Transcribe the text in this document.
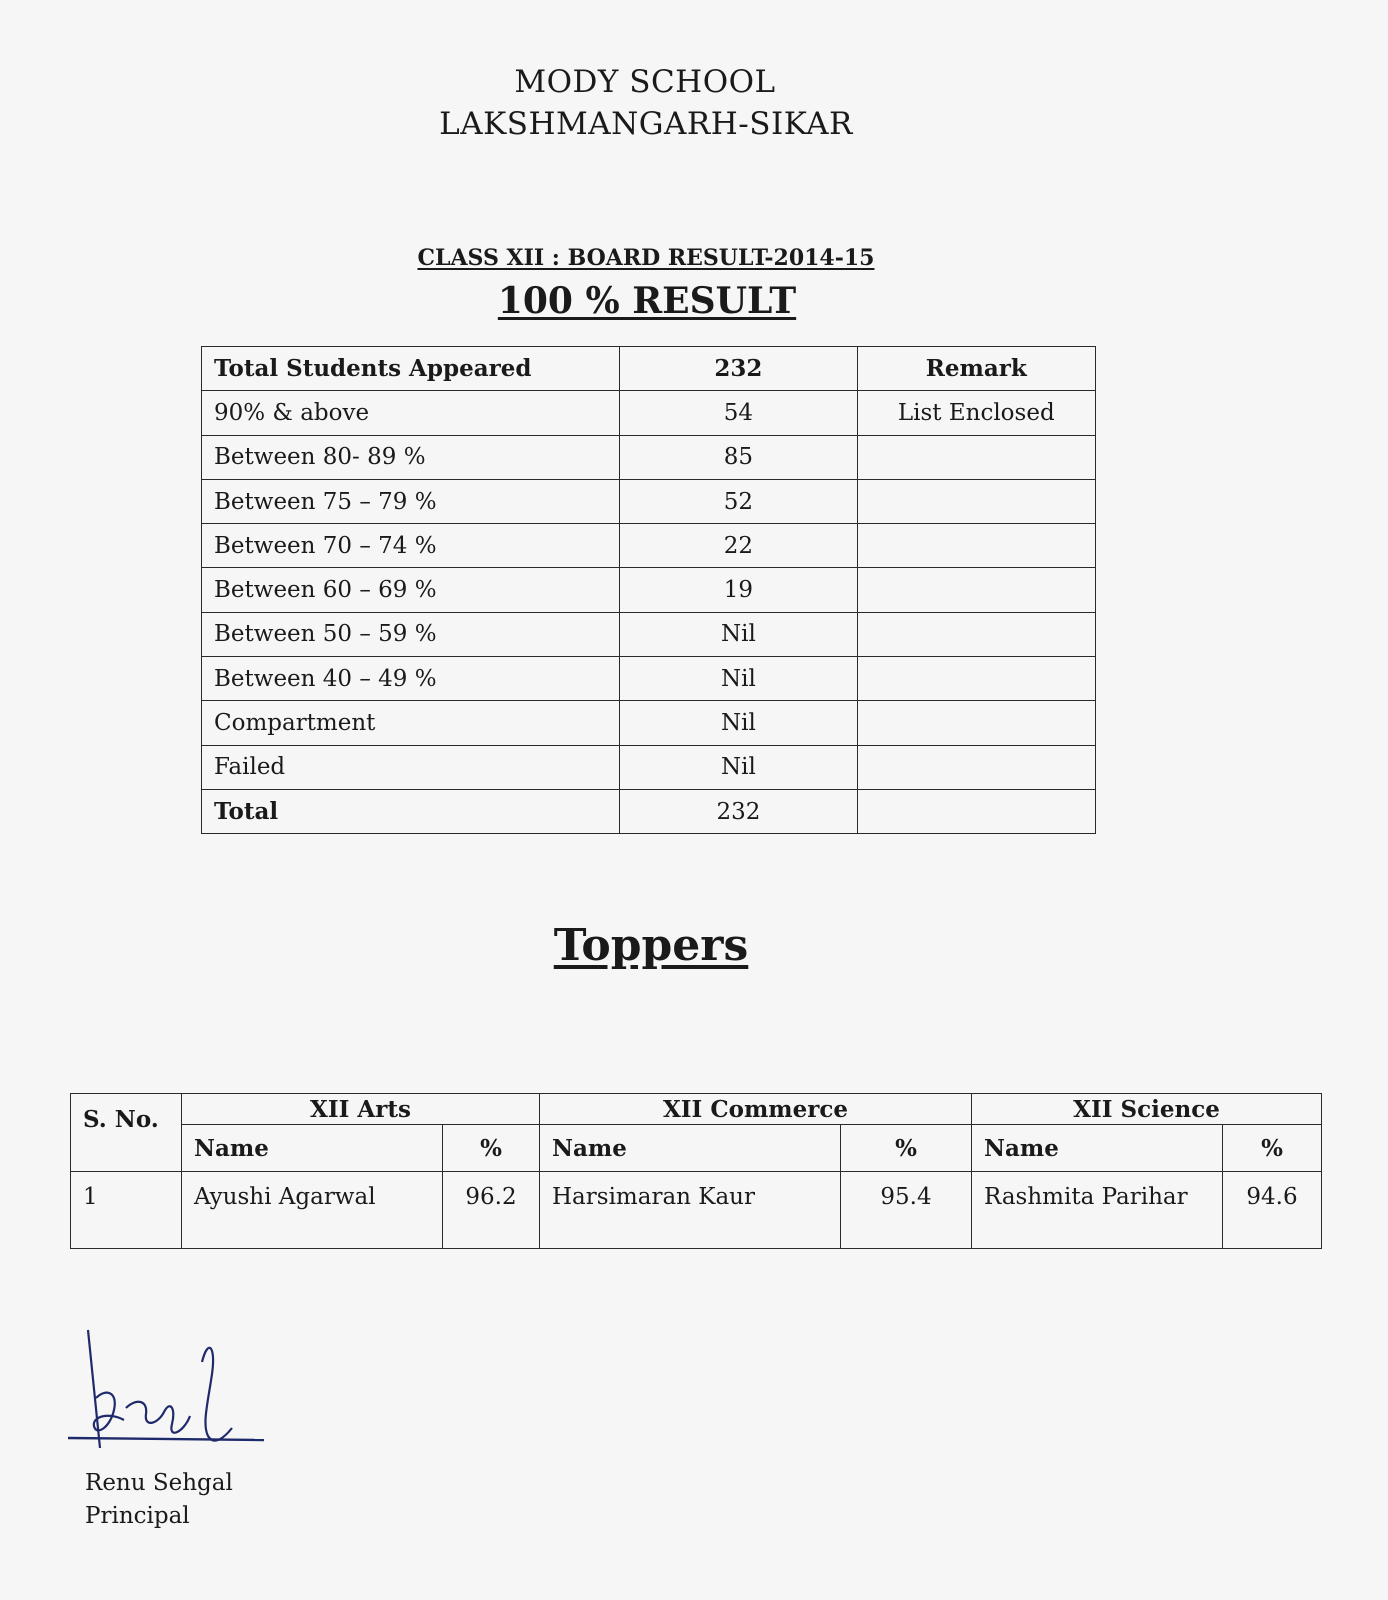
MODY SCHOOL
LAKSHMANGARH-SIKAR
CLASS XII : BOARD RESULT-2014-15
100 % RESULT
Total Students Appeared	232	Remark
90% & above	54	List Enclosed
Between 80- 89 %	85	
Between 75 – 79 %	52	
Between 70 – 74 %	22	
Between 60 – 69 %	19	
Between 50 – 59 %	Nil	
Between 40 – 49 %	Nil	
Compartment	Nil	
Failed	Nil	
Total	232	
Toppers
S. No.	XII Arts		XII Commerce		XII Science	
	Name	%	Name	%	Name	%
1	Ayushi Agarwal	96.2	Harsimaran Kaur	95.4	Rashmita Parihar	94.6
Renu Sehgal
Principal
